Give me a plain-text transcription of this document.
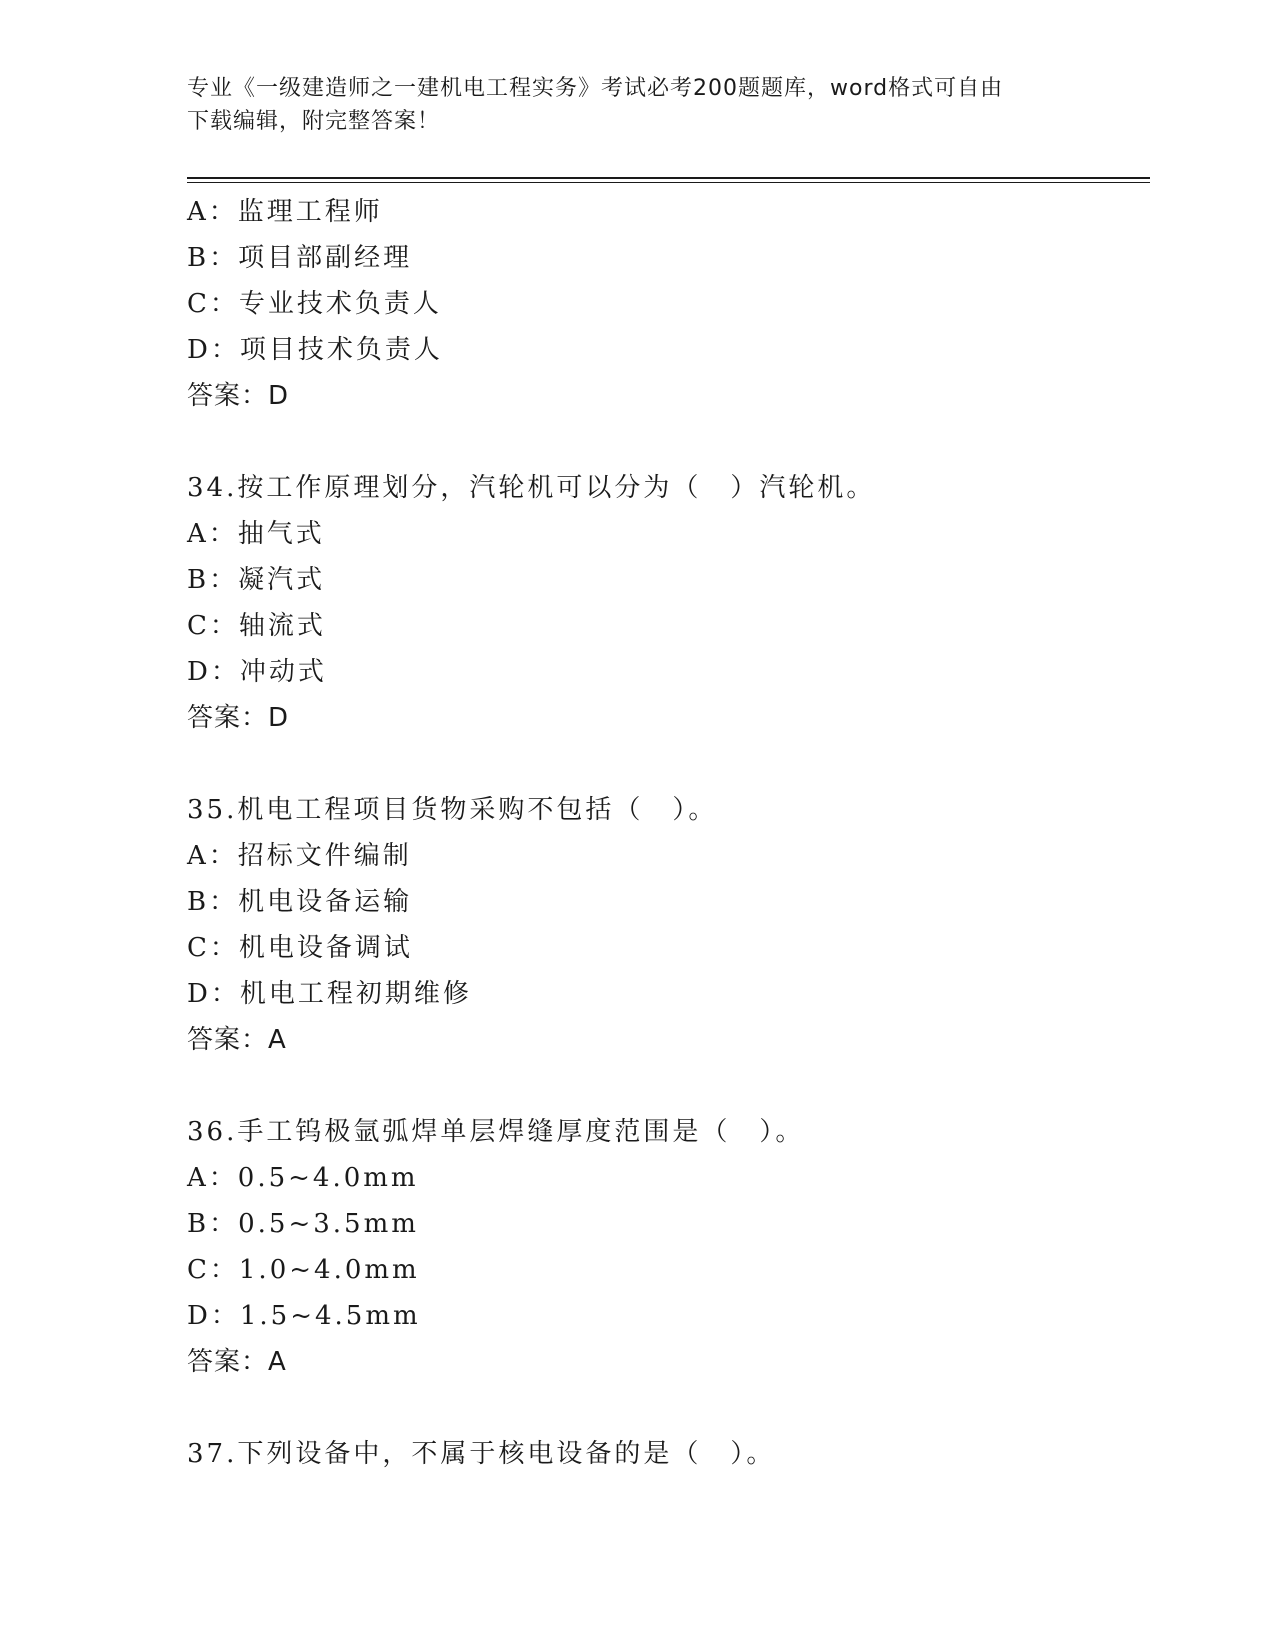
专业《一级建造师之一建机电工程实务》考试必考200题题库，word格式可自由
下载编辑，附完整答案！
A：监理工程师
B：项目部副经理
C：专业技术负责人
D：项目技术负责人
答案：D
34.按工作原理划分，汽轮机可以分为（　）汽轮机。
A：抽气式
B：凝汽式
C：轴流式
D：冲动式
答案：D
35.机电工程项目货物采购不包括（　）。
A：招标文件编制
B：机电设备运输
C：机电设备调试
D：机电工程初期维修
答案：A
36.手工钨极氩弧焊单层焊缝厚度范围是（　）。
A：0.5~4.0mm
B：0.5~3.5mm
C：1.0~4.0mm
D：1.5~4.5mm
答案：A
37.下列设备中，不属于核电设备的是（　）。
